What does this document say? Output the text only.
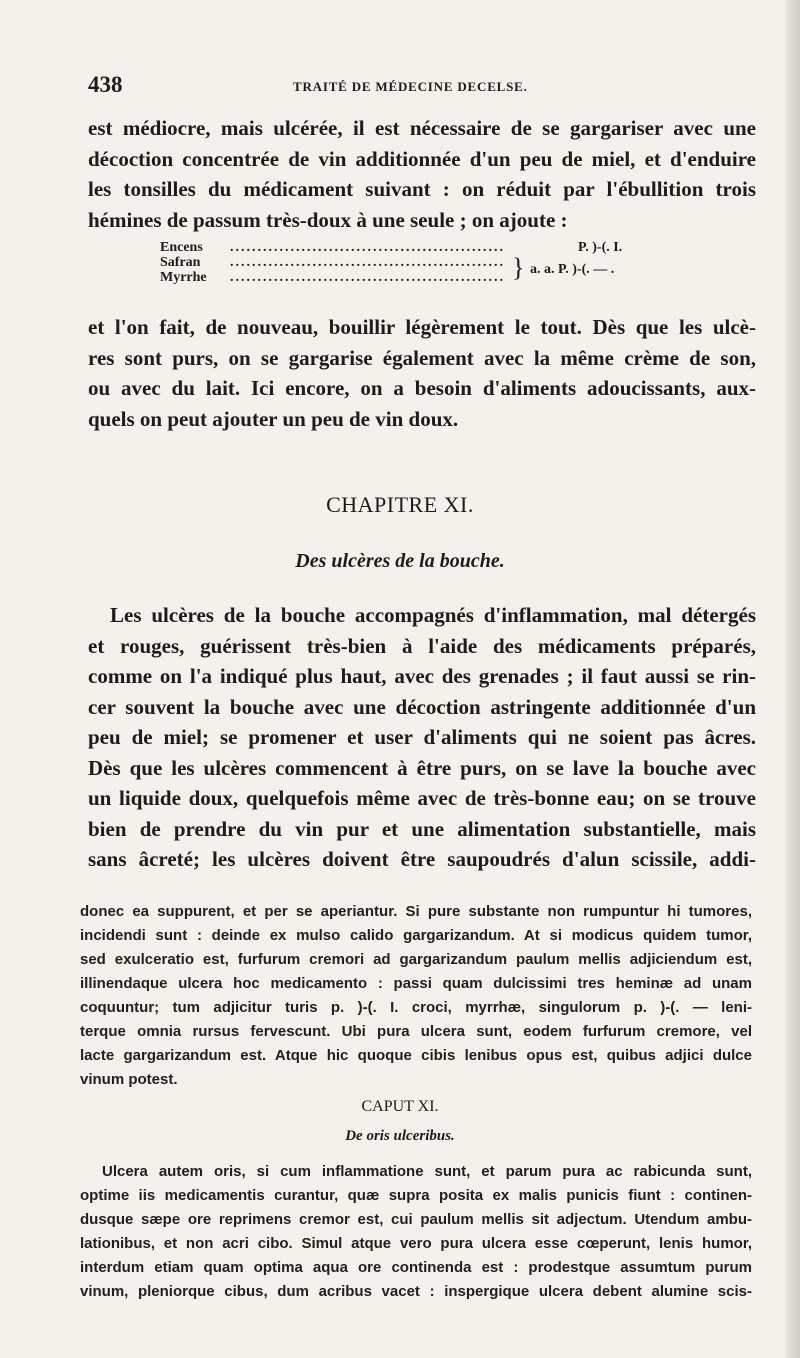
438	TRAITÉ DE MÉDECINE DECELSE.
est médiocre, mais ulcérée, il est nécessaire de se gargariser avec une
décoction concentrée de vin additionnée d'un peu de miel, et d'enduire
les tonsilles du médicament suivant : on réduit par l'ébullition trois
hémines de passum très-doux à une seule ; on ajoute :
Encens ..................................................	P. )-(. I.
Safran ..................................................
Myrrhe .................................................. } a. a. P. )-(. — .
et l'on fait, de nouveau, bouillir légèrement le tout. Dès que les ulcè-
res sont purs, on se gargarise également avec la même crème de son,
ou avec du lait. Ici encore, on a besoin d'aliments adoucissants, aux-
quels on peut ajouter un peu de vin doux.
CHAPITRE XI.
Des ulcères de la bouche.
Les ulcères de la bouche accompagnés d'inflammation, mal détergés
et rouges, guérissent très-bien à l'aide des médicaments préparés,
comme on l'a indiqué plus haut, avec des grenades ; il faut aussi se rin-
cer souvent la bouche avec une décoction astringente additionnée d'un
peu de miel; se promener et user d'aliments qui ne soient pas âcres.
Dès que les ulcères commencent à être purs, on se lave la bouche avec
un liquide doux, quelquefois même avec de très-bonne eau; on se trouve
bien de prendre du vin pur et une alimentation substantielle, mais
sans âcreté; les ulcères doivent être saupoudrés d'alun scissile, addi-
donec ea suppurent, et per se aperiantur. Si pure substante non rumpuntur hi tumores,
incidendi sunt : deinde ex mulso calido gargarizandum. At si modicus quidem tumor,
sed exulceratio est, furfurum cremori ad gargarizandum paulum mellis adjiciendum est,
illinendaque ulcera hoc medicamento : passi quam dulcissimi tres heminæ ad unam
coquuntur; tum adjicitur turis p. )-(. I. croci, myrrhæ, singulorum p. )-(. — leni-
terque omnia rursus fervescunt. Ubi pura ulcera sunt, eodem furfurum cremore, vel
lacte gargarizandum est. Atque hic quoque cibis lenibus opus est, quibus adjici dulce
vinum potest.
CAPUT XI.
De oris ulceribus.
Ulcera autem oris, si cum inflammatione sunt, et parum pura ac rabicunda sunt,
optime iis medicamentis curantur, quæ supra posita ex malis punicis fiunt : continen-
dusque sæpe ore reprimens cremor est, cui paulum mellis sit adjectum. Utendum ambu-
lationibus, et non acri cibo. Simul atque vero pura ulcera esse cœperunt, lenis humor,
interdum etiam quam optima aqua ore continenda est : prodestque assumtum purum
vinum, pleniorque cibus, dum acribus vacet : inspergique ulcera debent alumine scis-
